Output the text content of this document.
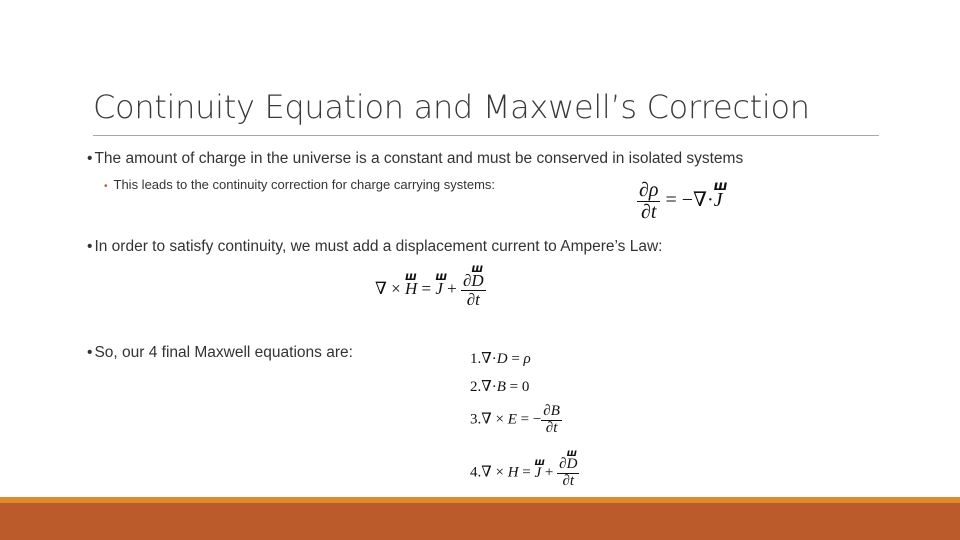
Continuity Equation and Maxwell’s Correction
• The amount of charge in the universe is a constant and must be conserved in isolated systems
• This leads to the continuity correction for charge carrying systems:	$\frac{\partial\rho}{\partial t} = -\nabla\cdot ш$ J
• In order to satisfy continuity, we must add a displacement current to Ampere’s Law:
∇ × ш H = ш $J + \frac{\text{∂ш D}}{\partial t}$
• So, our 4 final Maxwell equations are:	1.∇·D = ρ
2.∇·B = 0
3.∇ × E = − $\frac{\partial B}{\partial t}$
4.∇ × H = ш $J + \frac{\text{∂ш D}}{\partial t}$
